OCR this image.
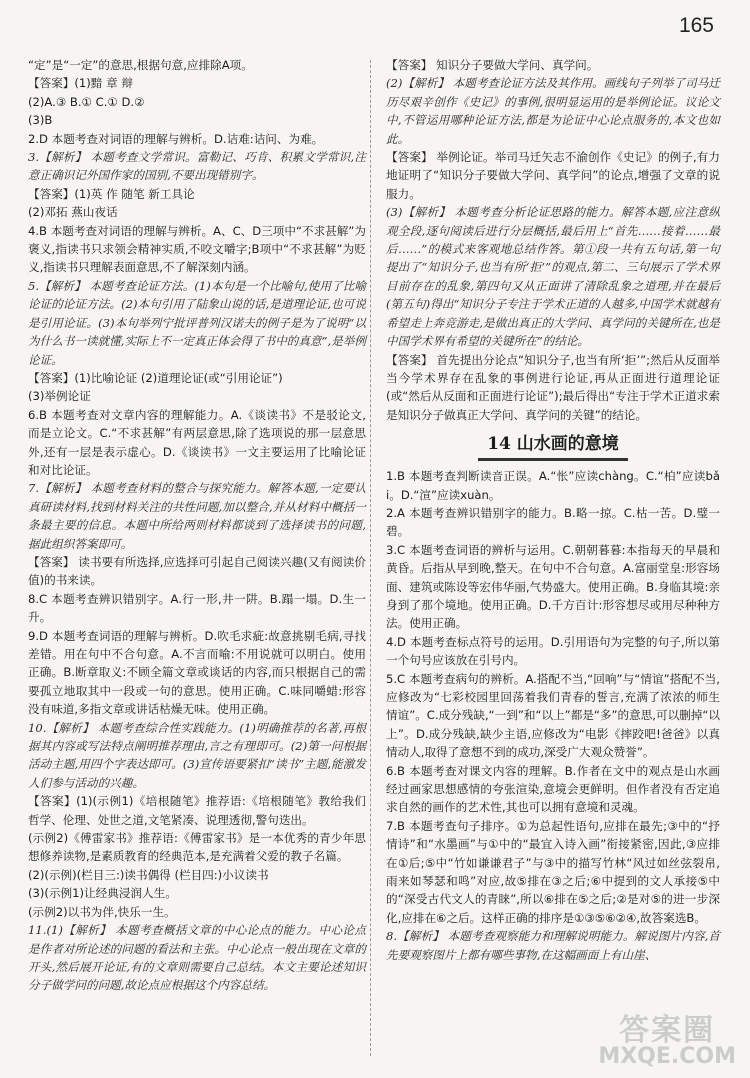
165

“定”是“一定”的意思,根据句意,应排除A项。

【答案】(1)黯 章 辩

(2)A.③ B.① C.① D.②

(3)B

2.D 本题考查对词语的理解与辨析。D.诘难:诘问、为难。

3.【解析】 本题考查文学常识。富勒记、巧肯、积累文学常识,注意正确识记外国作家的国别,不要出现错别字。

【答案】(1)英 作 随笔 新工具论

(2)邓拓 燕山夜话

4.B 本题考查对词语的理解与辨析。A、C、D三项中“不求甚解”为褒义,指读书只求领会精神实质,不咬文嚼字;B项中“不求甚解”为贬义,指读书只理解表面意思,不了解深刻内涵。

5.【解析】 本题考查论证方法。(1)本句是一个比喻句,使用了比喻论证的论证方法。(2)本句引用了陆象山说的话,是道理论证,也可说是引用论证。(3)本句举列宁批评普列汉诺夫的例子是为了说明“以为什么书一读就懂,实际上不一定真正体会得了书中的真意”,是举例论证。

【答案】(1)比喻论证 (2)道理论证(或“引用论证”)

(3)举例论证

6.B 本题考查对文章内容的理解能力。A.《谈读书》不是驳论文,而是立论文。C.“不求甚解”有两层意思,除了选项说的那一层意思外,还有一层是表示虚心。D.《谈读书》一文主要运用了比喻论证和对比论证。

7.【解析】 本题考查材料的整合与探究能力。解答本题,一定要认真研读材料,找到材料关注的共性问题,加以整合,并从材料中概括一条最主要的信息。本题中所给两则材料都谈到了选择读书的问题,据此组织答案即可。

【答案】 读书要有所选择,应选择可引起自己阅读兴趣(又有阅读价值)的书来读。

8.C 本题考查辨识错别字。A.行一形,井一阱。B.蹋一塌。D.生一升。

9.D 本题考查词语的理解与辨析。D.吹毛求疵:故意挑剔毛病,寻找差错。用在句中不合句意。A.不言而喻:不用说就可以明白。使用正确。B.断章取义:不顾全篇文章或谈话的内容,而只根据自己的需要孤立地取其中一段或一句的意思。使用正确。C.味同嚼蜡:形容没有味道,多指文章或讲话枯燥无味。使用正确。

10.【解析】 本题考查综合性实践能力。(1)明确推荐的名著,再根据其内容或写法特点阐明推荐理由,言之有理即可。(2)第一问根据活动主题,用四个字表达即可。(3)宣传语要紧扣“读书”主题,能激发人们参与活动的兴趣。

【答案】(1)(示例1)《培根随笔》推荐语:《培根随笔》教给我们哲学、伦理、处世之道,文笔紧凑、说理透彻,警句迭出。

(示例2)《傅雷家书》推荐语:《傅雷家书》是一本优秀的青少年思想修养读物,是素质教育的经典范本,是充满着父爱的教子名篇。

(2)(示例)(栏目三:)读书偶得 (栏目四:)小议读书

(3)(示例1)让经典浸润人生。

(示例2)以书为伴,快乐一生。

11.(1)【解析】 本题考查概括文章的中心论点的能力。中心论点是作者对所论述的问题的看法和主张。中心论点一般出现在文章的开头,然后展开论证,有的文章则需要自己总结。本文主要论述知识分子做学问的问题,故论点应根据这个内容总结。

【答案】 知识分子要做大学问、真学问。

(2)【解析】 本题考查论证方法及其作用。画线句子列举了司马迁历尽艰辛创作《史记》的事例,很明显运用的是举例论证。议论文中,不管运用哪种论证方法,都是为论证中心论点服务的,本文也如此。

【答案】 举例论证。举司马迁矢志不渝创作《史记》的例子,有力地证明了“知识分子要做大学问、真学问”的论点,增强了文章的说服力。

(3)【解析】 本题考查分析论证思路的能力。解答本题,应注意纵观全段,逐句阅读后进行分层概括,最后用上“首先……接着……最后……”的模式来客观地总结作答。第①段一共有五句话,第一句提出了“知识分子,也当有所‘拒’”的观点,第二、三句展示了学术界目前存在的乱象,第四句又从正面讲了清除乱象之道理,并在最后(第五句)得出“知识分子专注于学术正道的人越多,中国学术就越有希望走上奔竞游走,是做出真正的大学问、真学问的关键所在,也是中国学术界有希望的关键所在”的结论。

【答案】 首先提出分论点“知识分子,也当有所‘拒’”;然后从反面举当今学术界存在乱象的事例进行论证,再从正面进行道理论证(或“然后从反面和正面进行论证”);最后得出“专注于学术正道求索是知识分子做真正大学问、真学问的关键”的结论。

14 山水画的意境

1.B 本题考查判断读音正误。A.“怅”应读chàng。C.“柏”应读bǎi。D.“渲”应读xuàn。

2.A 本题考查辨识错别字的能力。B.略一掠。C.枯一苦。D.璧一碧。

3.C 本题考查词语的辨析与运用。C.朝朝暮暮:本指每天的早晨和黄昏。后指从早到晚,整天。在句中不合句意。A.富丽堂皇:形容场面、建筑或陈设等宏伟华丽,气势盛大。使用正确。B.身临其境:亲身到了那个境地。使用正确。D.千方百计:形容想尽或用尽种种方法。使用正确。

4.D 本题考查标点符号的运用。D.引用语句为完整的句子,所以第一个句号应该放在引号内。

5.C 本题考查病句的辨析。A.搭配不当,“回响”与“情谊”搭配不当,应修改为“七彩校园里回荡着我们青春的誓言,充满了浓浓的师生情谊”。C.成分残缺,“一到”和“以上”都是“多”的意思,可以删掉“以上”。D.成分残缺,缺少主语,应修改为“电影《摔跤吧!爸爸》以真情动人,取得了意想不到的成功,深受广大观众赞誉”。

6.B 本题考查对课文内容的理解。B.作者在文中的观点是山水画经过画家思想感情的夸张渲染,意境会更鲜明。但作者没有否定追求自然的画作的艺术性,其也可以拥有意境和灵魂。

7.B 本题考查句子排序。①为总起性语句,应排在最先;③中的“抒情诗”和“水墨画”与①中的“最宜入诗入画”衔接紧密,因此,③应排在①后;⑤中“竹如谦谦君子”与③中的描写竹林“风过如丝弦裂帛,雨来如琴瑟和鸣”对应,故⑤排在③之后;⑥中提到的文人承接⑤中的“深受古代文人的青睐”,所以⑥排在⑤之后;②是对⑤的进一步深化,应排在⑥之后。这样正确的排序是①③⑤⑥②④,故答案选B。

8.【解析】 本题考查观察能力和理解说明能力。解说图片内容,首先要观察图片上都有哪些事物,在这幅画面上有山崖、

答案圈
MXQE.COM
